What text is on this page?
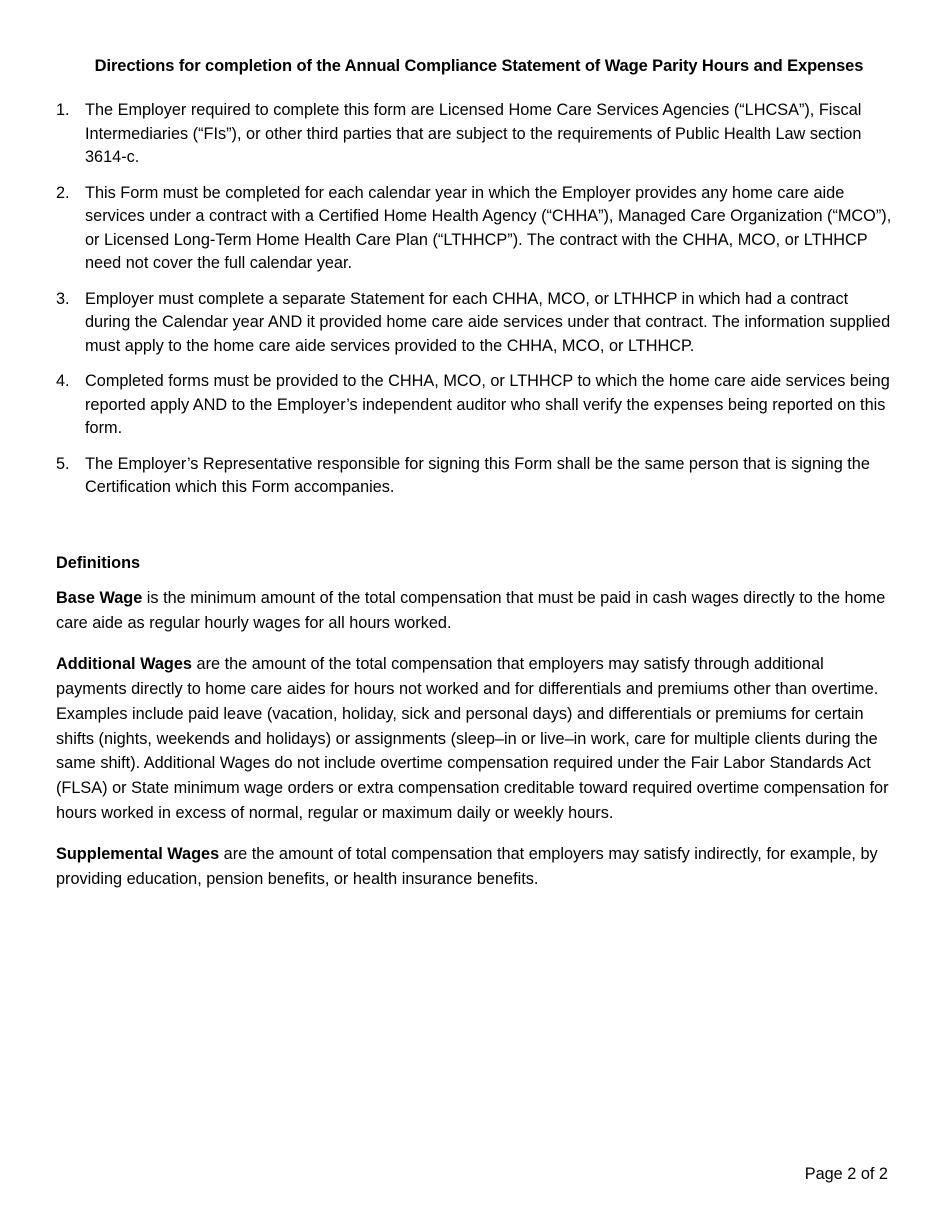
Directions for completion of the Annual Compliance Statement of Wage Parity Hours and Expenses
1. The Employer required to complete this form are Licensed Home Care Services Agencies (“LHCSA”), Fiscal Intermediaries (“FIs”), or other third parties that are subject to the requirements of Public Health Law section 3614-c.
2. This Form must be completed for each calendar year in which the Employer provides any home care aide services under a contract with a Certified Home Health Agency (“CHHA”), Managed Care Organization (“MCO”), or Licensed Long-Term Home Health Care Plan (“LTHHCP”). The contract with the CHHA, MCO, or LTHHCP need not cover the full calendar year.
3. Employer must complete a separate Statement for each CHHA, MCO, or LTHHCP in which had a contract during the Calendar year AND it provided home care aide services under that contract. The information supplied must apply to the home care aide services provided to the CHHA, MCO, or LTHHCP.
4. Completed forms must be provided to the CHHA, MCO, or LTHHCP to which the home care aide services being reported apply AND to the Employer’s independent auditor who shall verify the expenses being reported on this form.
5. The Employer’s Representative responsible for signing this Form shall be the same person that is signing the Certification which this Form accompanies.
Definitions

Base Wage is the minimum amount of the total compensation that must be paid in cash wages directly to the home care aide as regular hourly wages for all hours worked.

Additional Wages are the amount of the total compensation that employers may satisfy through additional payments directly to home care aides for hours not worked and for differentials and premiums other than overtime. Examples include paid leave (vacation, holiday, sick and personal days) and differentials or premiums for certain shifts (nights, weekends and holidays) or assignments (sleep–in or live–in work, care for multiple clients during the same shift). Additional Wages do not include overtime compensation required under the Fair Labor Standards Act (FLSA) or State minimum wage orders or extra compensation creditable toward required overtime compensation for hours worked in excess of normal, regular or maximum daily or weekly hours.

Supplemental Wages are the amount of total compensation that employers may satisfy indirectly, for example, by providing education, pension benefits, or health insurance benefits.

Page 2 of 2
